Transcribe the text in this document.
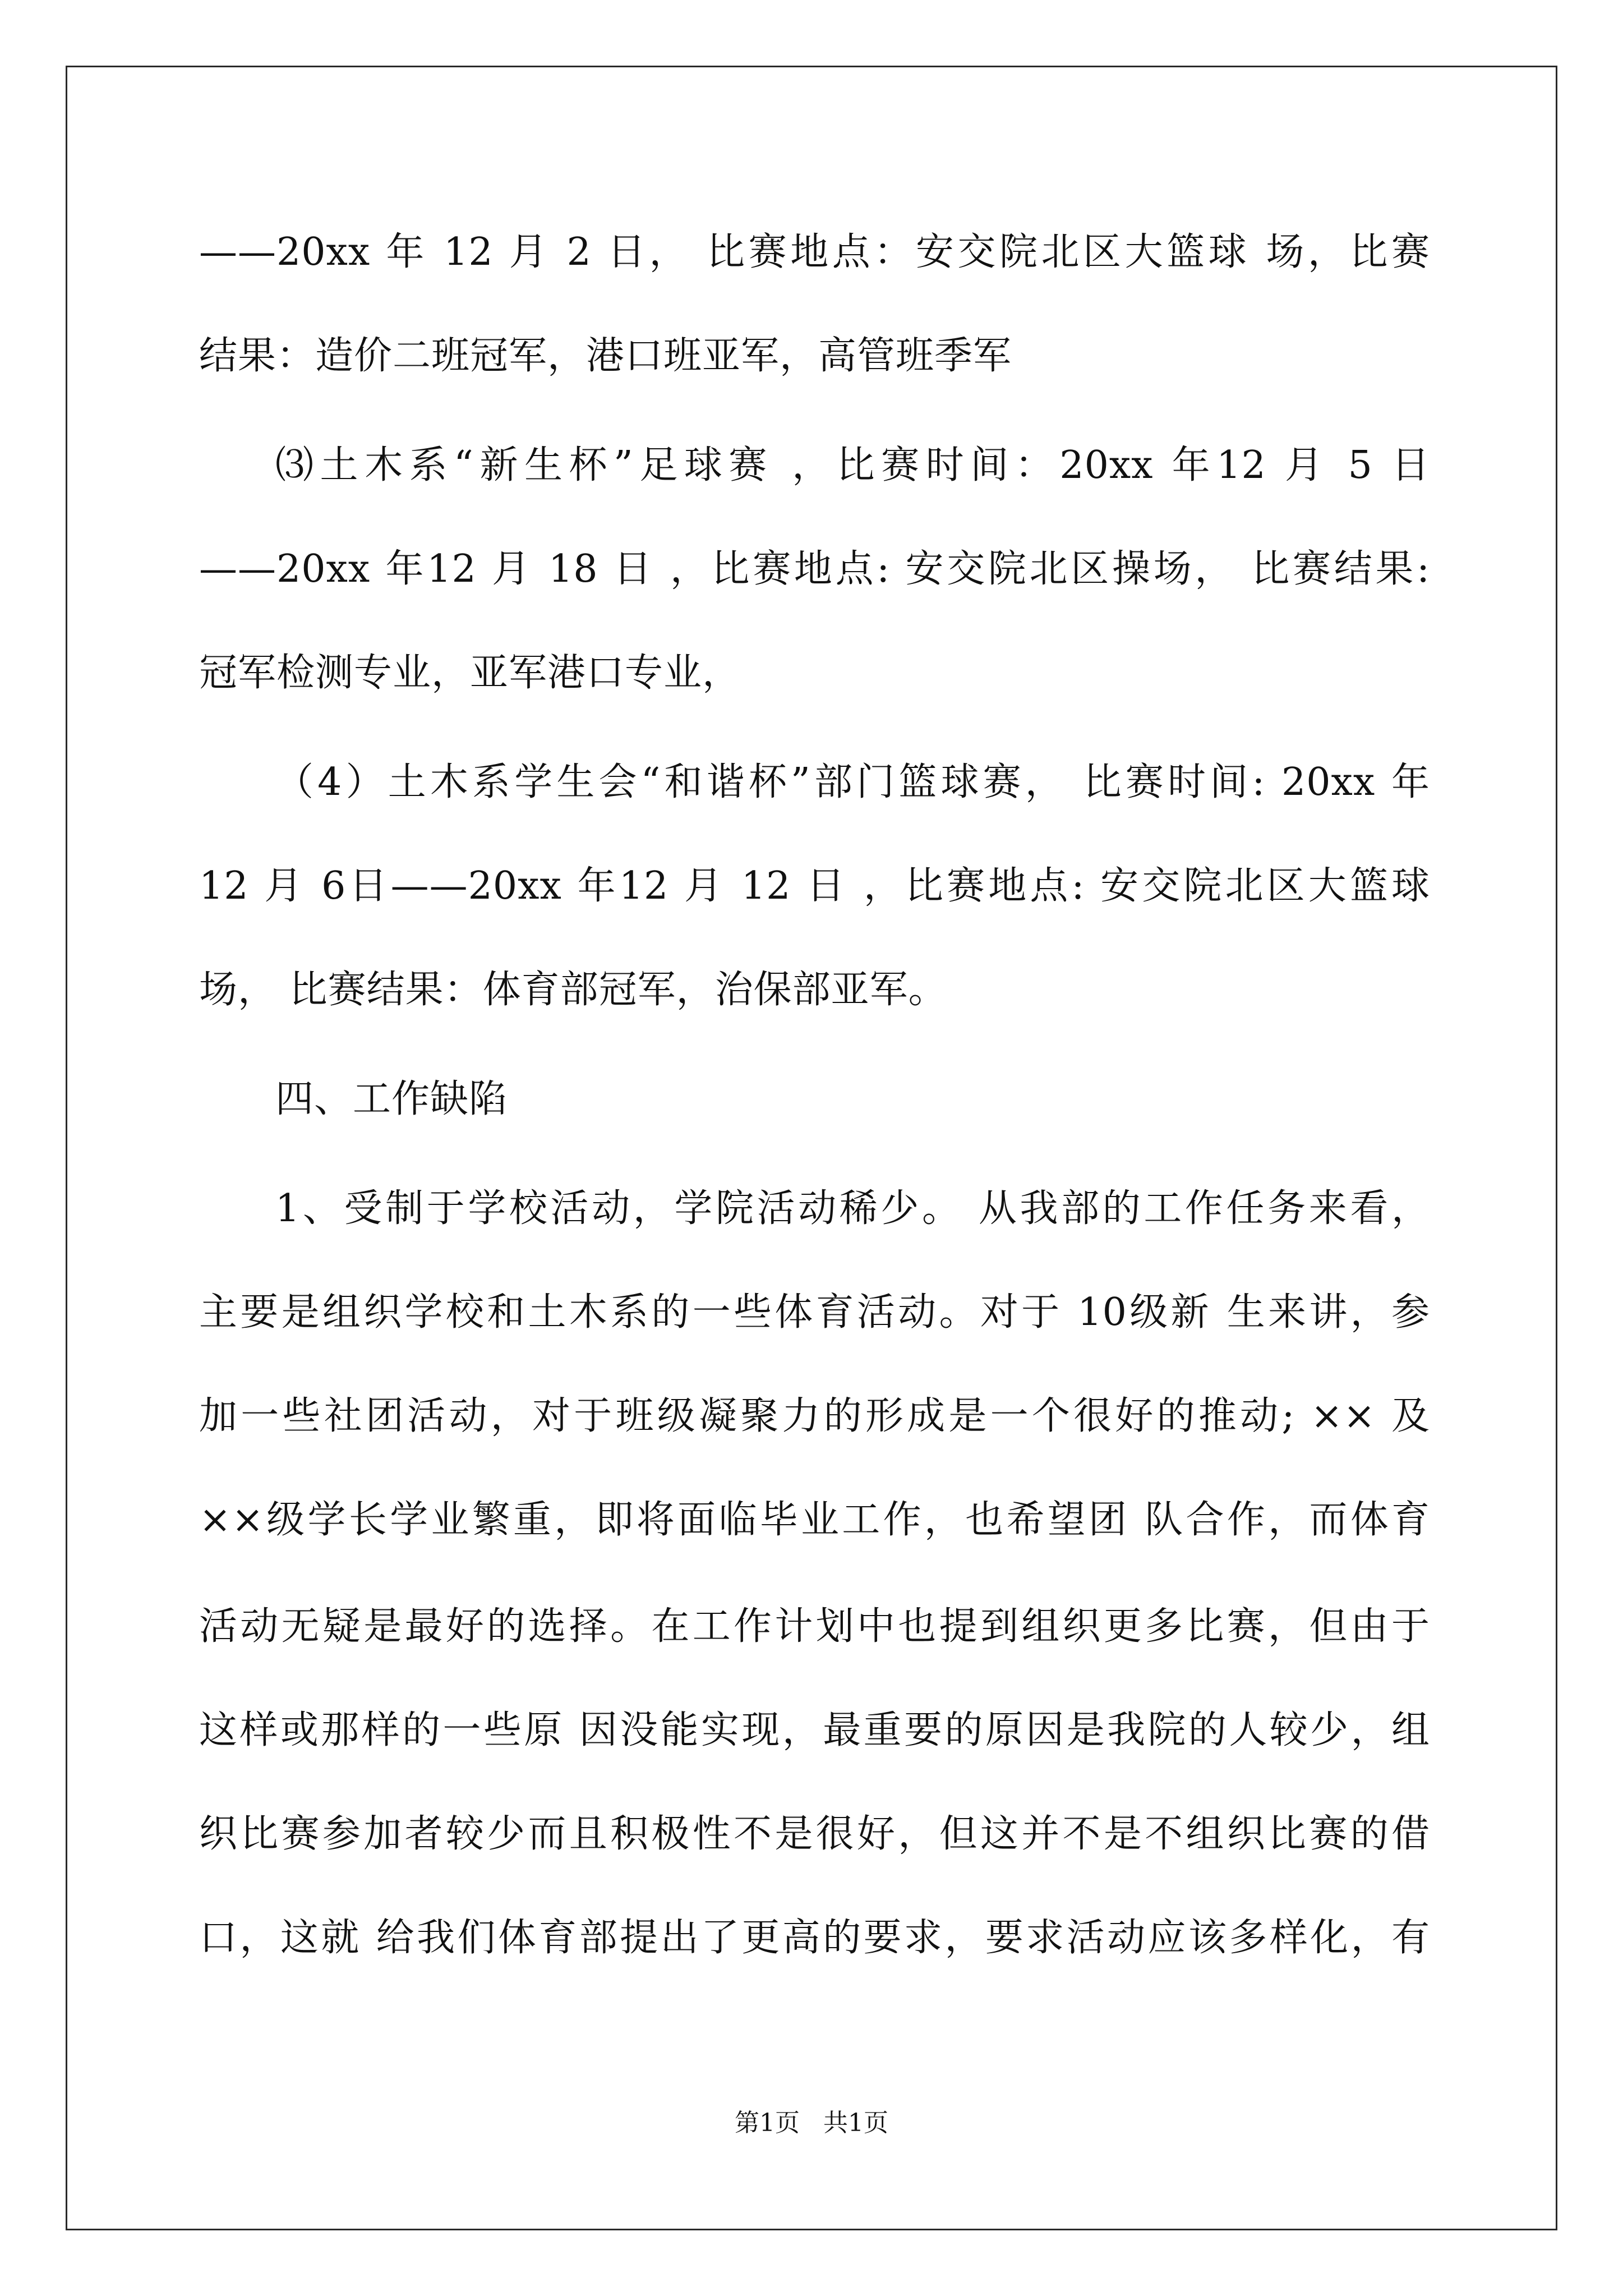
——20xx 年 12 月 2 日， 比赛地点：安交院北区大篮球 场，比赛
结果：造价二班冠军，港口班亚军，高管班季军
⑶土木系“新生杯”足球赛 ，比赛时间：20xx 年12 月 5 日
——20xx 年12 月 18 日 ，比赛地点: 安交院北区操场， 比赛结果:
冠军检测专业，亚军港口专业，
（4）土木系学生会“和谐杯”部门篮球赛， 比赛时间: 20xx 年
12 月 6日——20xx 年12 月 12 日 ，比赛地点: 安交院北区大篮球
场， 比赛结果：体育部冠军，治保部亚军。
四、工作缺陷
1、受制于学校活动，学院活动稀少。 从我部的工作任务来看，
主要是组织学校和土木系的一些体育活动。对于 10级新 生来讲，参
加一些社团活动，对于班级凝聚力的形成是一个很好的推动; ×× 及
××级学长学业繁重，即将面临毕业工作，也希望团 队合作，而体育
活动无疑是最好的选择。在工作计划中也提到组织更多比赛，但由于
这样或那样的一些原 因没能实现，最重要的原因是我院的人较少，组
织比赛参加者较少而且积极性不是很好，但这并不是不组织比赛的借
口，这就 给我们体育部提出了更高的要求，要求活动应该多样化，有
第1页   共1页
